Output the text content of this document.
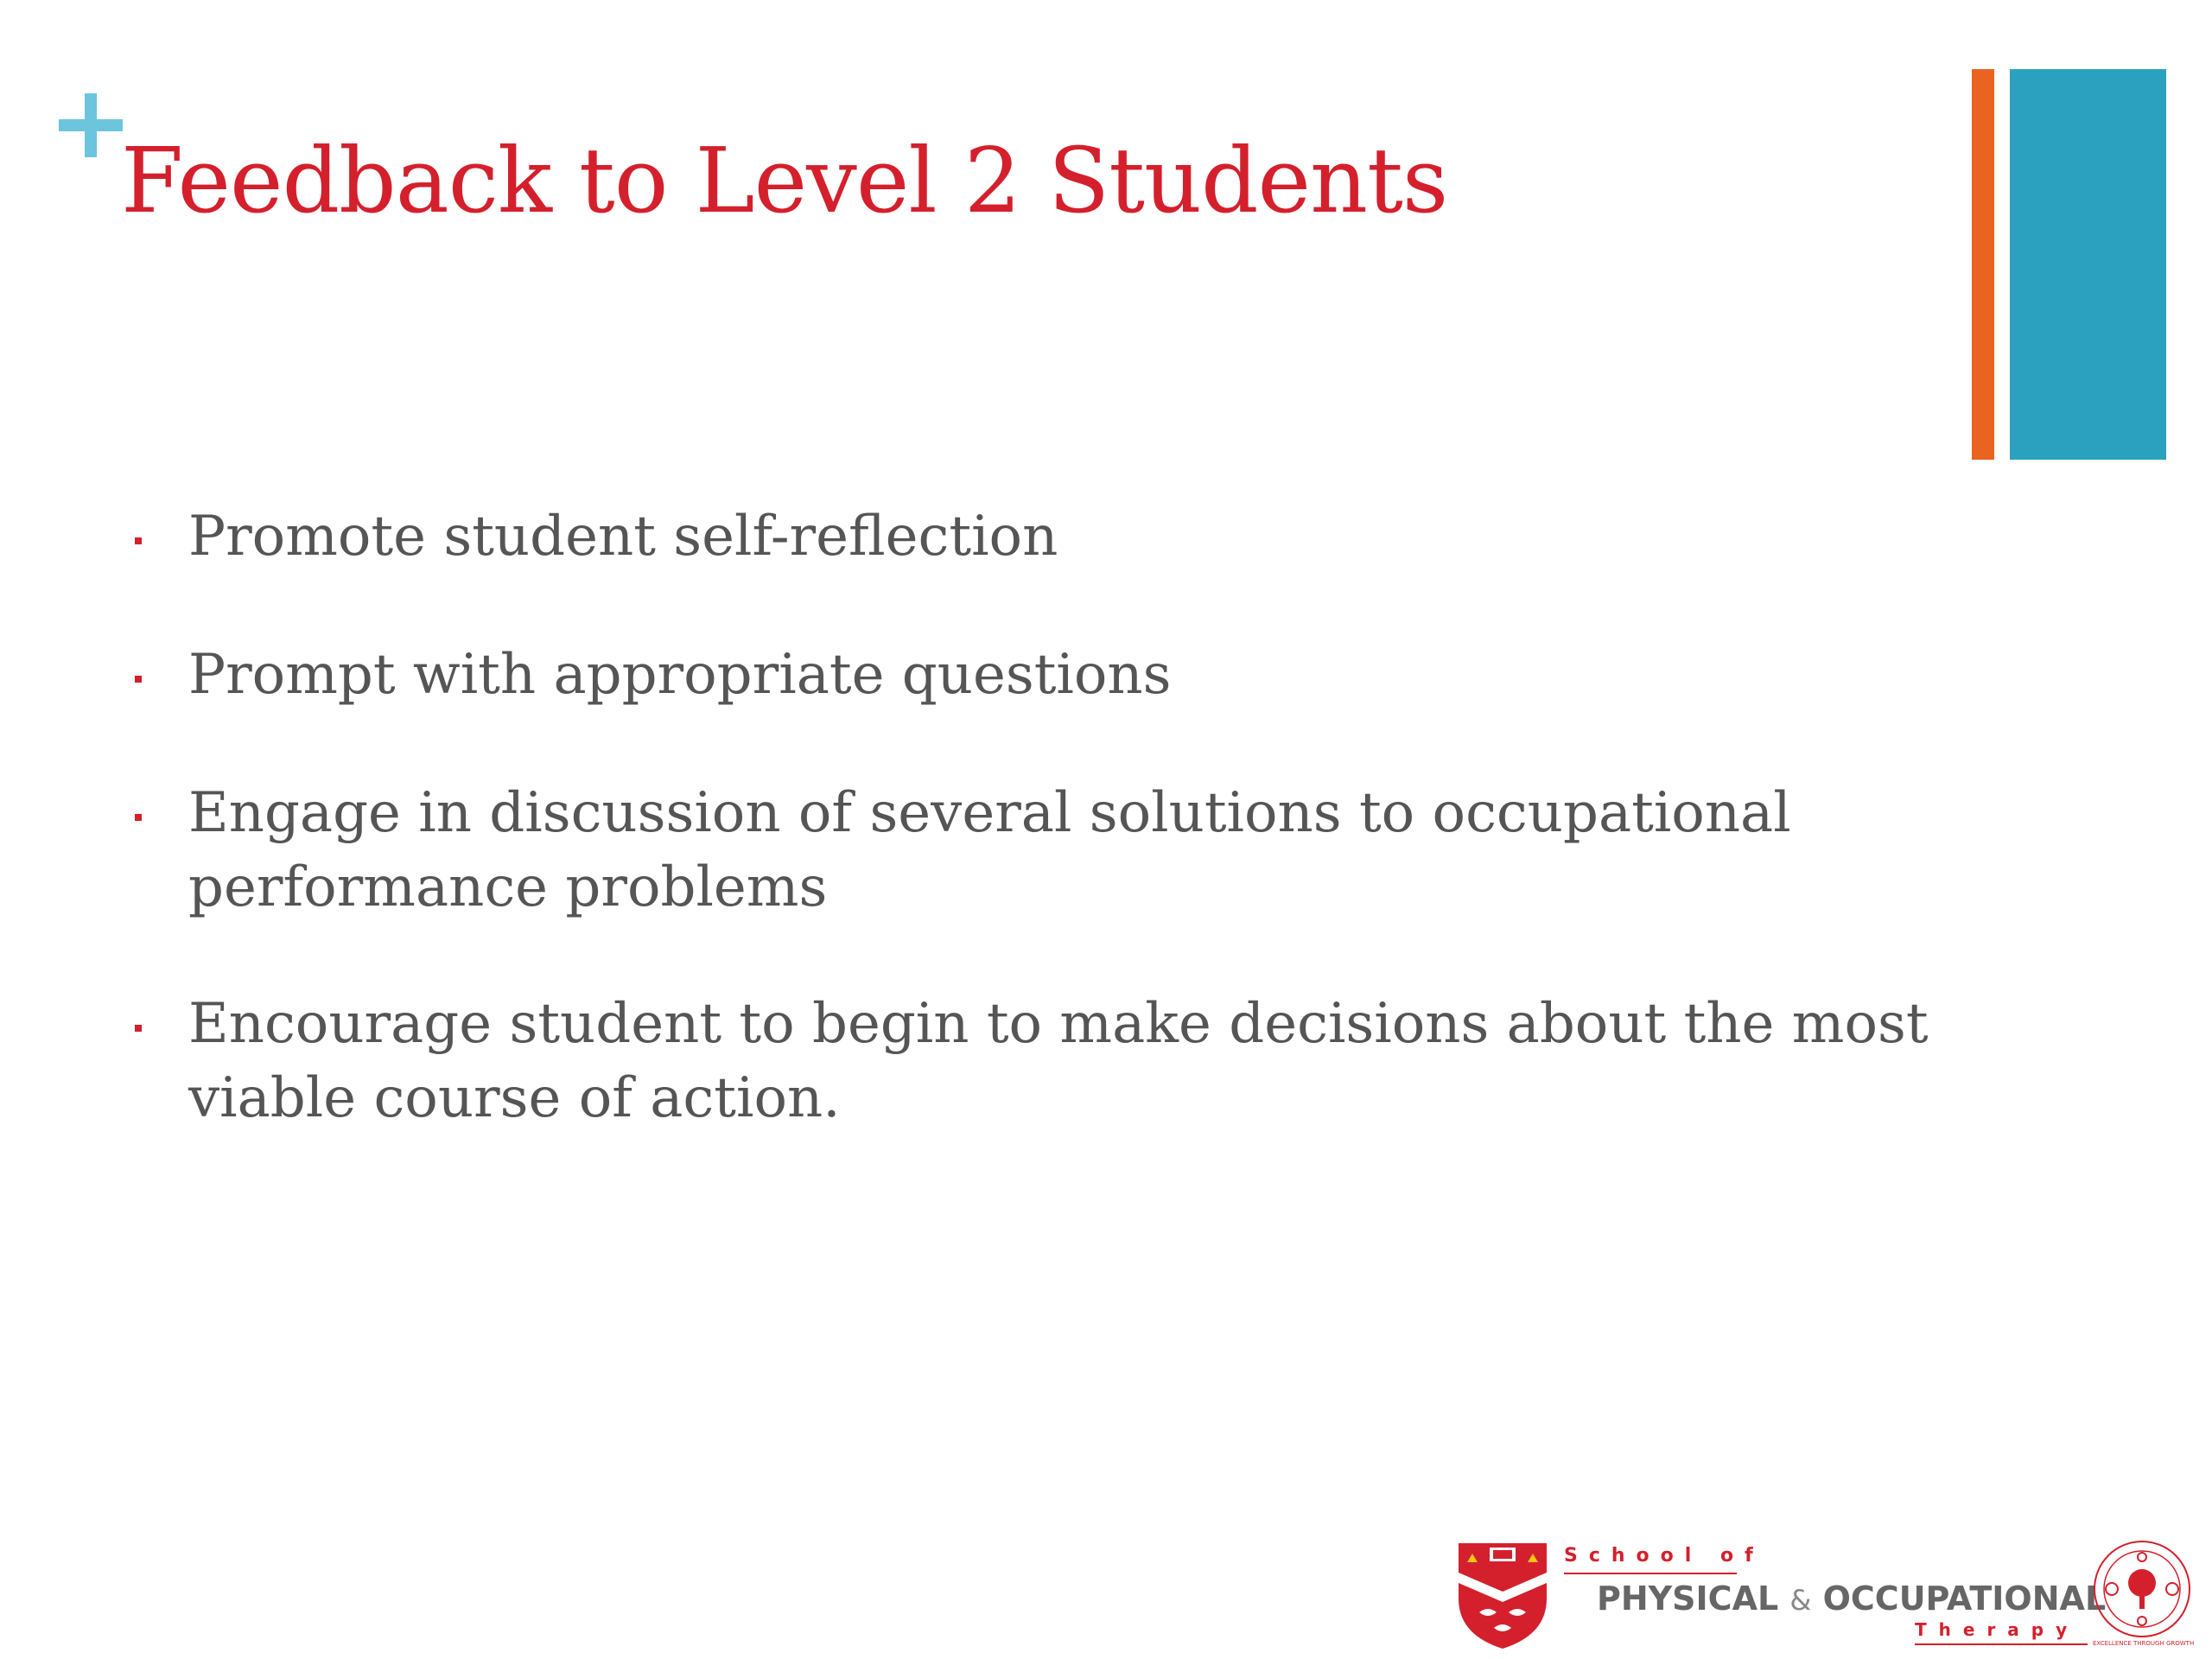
Feedback to Level 2 Students
Promote student self-reflection
Prompt with appropriate questions
Engage in discussion of several solutions to occupational performance problems
Encourage student to begin to make decisions about the most viable course of action.
School of
PHYSICAL & OCCUPATIONAL
Therapy
EXCELLENCE THROUGH GROWTH
